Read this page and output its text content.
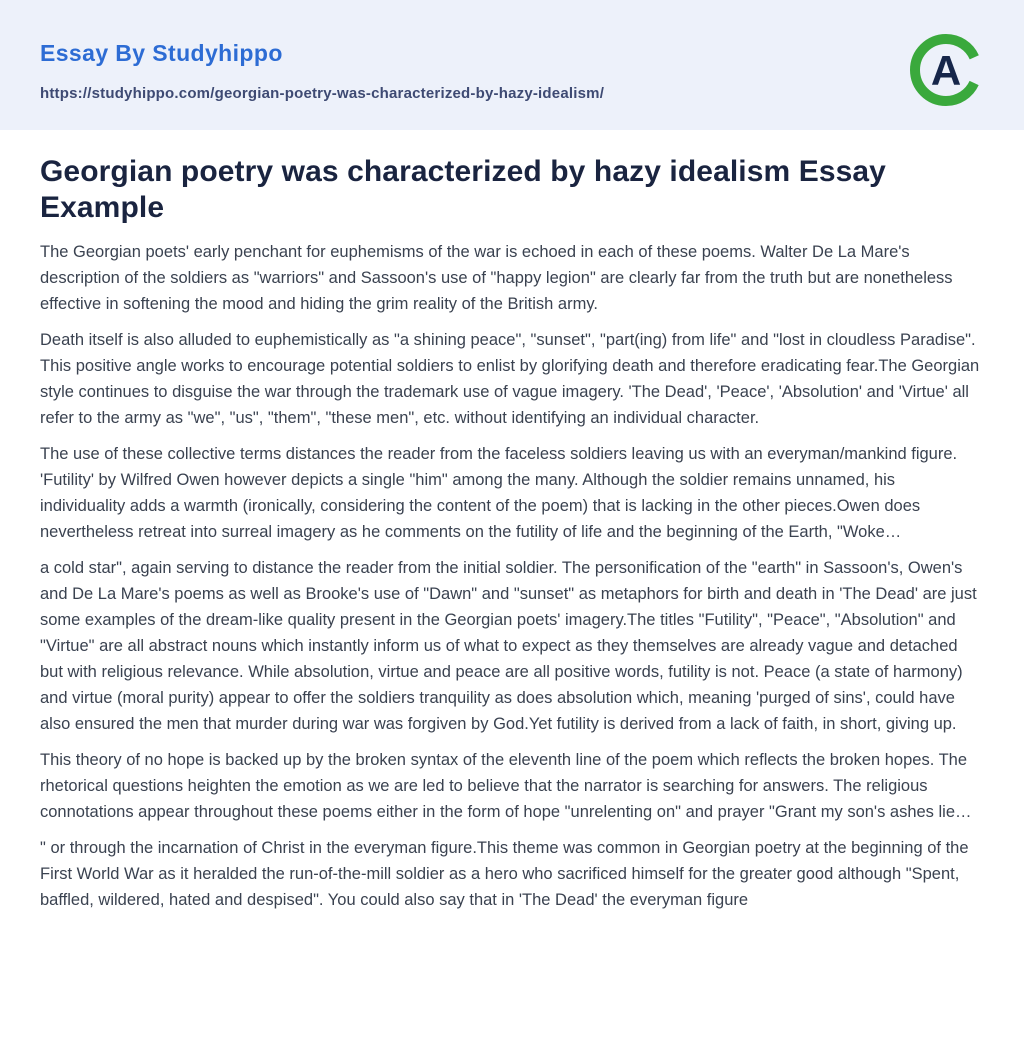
Essay By Studyhippo
https://studyhippo.com/georgian-poetry-was-characterized-by-hazy-idealism/	A
Georgian poetry was characterized by hazy idealism Essay Example

The Georgian poets' early penchant for euphemisms of the war is echoed in each of these poems. Walter De La Mare's description of the soldiers as "warriors" and Sassoon's use of "happy legion" are clearly far from the truth but are nonetheless effective in softening the mood and hiding the grim reality of the British army.

Death itself is also alluded to euphemistically as "a shining peace", "sunset", "part(ing) from life" and "lost in cloudless Paradise". This positive angle works to encourage potential soldiers to enlist by glorifying death and therefore eradicating fear.The Georgian style continues to disguise the war through the trademark use of vague imagery. 'The Dead', 'Peace', 'Absolution' and 'Virtue' all refer to the army as "we", "us", "them", "these men", etc. without identifying an individual character.

The use of these collective terms distances the reader from the faceless soldiers leaving us with an everyman/mankind figure. 'Futility' by Wilfred Owen however depicts a single "him" among the many. Although the soldier remains unnamed, his individuality adds a warmth (ironically, considering the content of the poem) that is lacking in the other pieces.Owen does nevertheless retreat into surreal imagery as he comments on the futility of life and the beginning of the Earth, "Woke…

a cold star", again serving to distance the reader from the initial soldier. The personification of the "earth" in Sassoon's, Owen's and De La Mare's poems as well as Brooke's use of "Dawn" and "sunset" as metaphors for birth and death in 'The Dead' are just some examples of the dream-like quality present in the Georgian poets' imagery.The titles "Futility", "Peace", "Absolution" and "Virtue" are all abstract nouns which instantly inform us of what to expect as they themselves are already vague and detached but with religious relevance. While absolution, virtue and peace are all positive words, futility is not. Peace (a state of harmony) and virtue (moral purity) appear to offer the soldiers tranquility as does absolution which, meaning 'purged of sins', could have also ensured the men that murder during war was forgiven by God.Yet futility is derived from a lack of faith, in short, giving up.

This theory of no hope is backed up by the broken syntax of the eleventh line of the poem which reflects the broken hopes. The rhetorical questions heighten the emotion as we are led to believe that the narrator is searching for answers. The religious connotations appear throughout these poems either in the form of hope "unrelenting on" and prayer "Grant my son's ashes lie…

" or through the incarnation of Christ in the everyman figure.This theme was common in Georgian poetry at the beginning of the First World War as it heralded the run-of-the-mill soldier as a hero who sacrificed himself for the greater good although "Spent, baffled, wildered, hated and despised". You could also say that in 'The Dead' the everyman figure
